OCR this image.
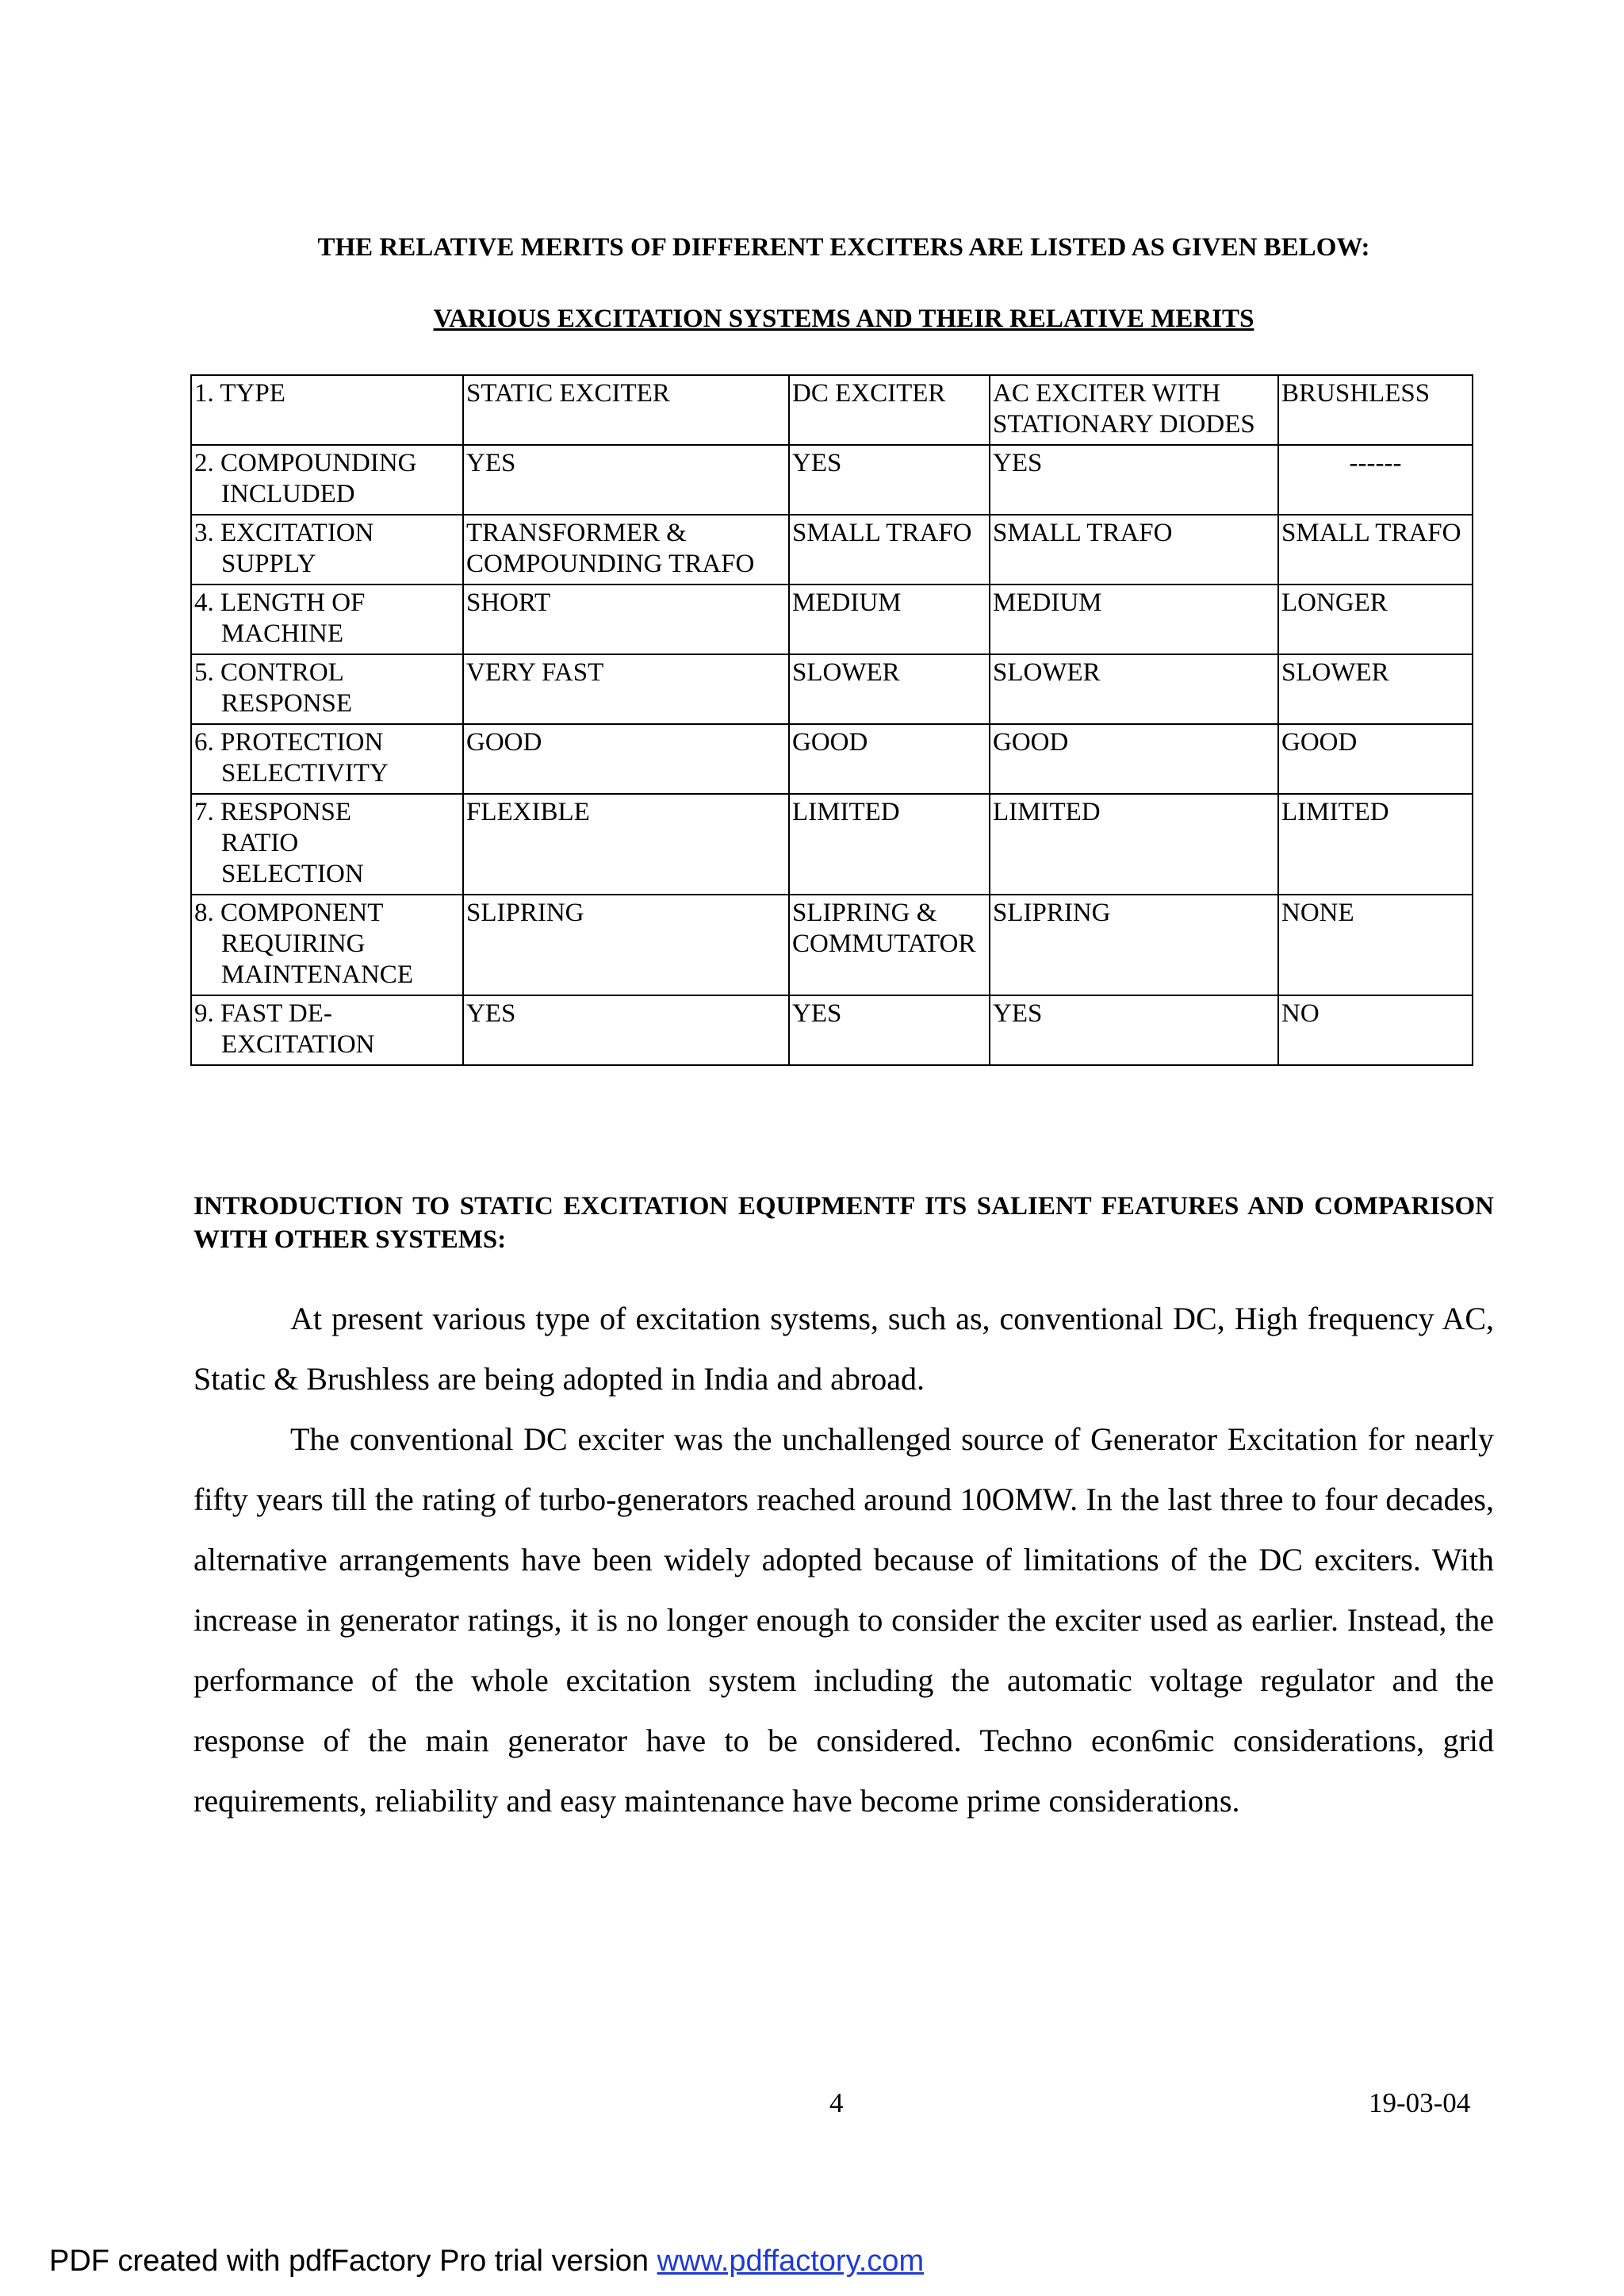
THE RELATIVE MERITS OF DIFFERENT EXCITERS ARE LISTED AS GIVEN BELOW:
VARIOUS EXCITATION SYSTEMS AND THEIR RELATIVE MERITS
1. TYPE	STATIC EXCITER	DC EXCITER	AC EXCITER WITH STATIONARY DIODES	BRUSHLESS

2. COMPOUNDING
INCLUDED	YES	YES	YES	------

3. EXCITATION
SUPPLY	TRANSFORMER & COMPOUNDING TRAFO	SMALL TRAFO	SMALL TRAFO	SMALL TRAFO

4. LENGTH OF
MACHINE	SHORT	MEDIUM	MEDIUM	LONGER

5. CONTROL
RESPONSE	VERY FAST	SLOWER	SLOWER	SLOWER

6. PROTECTION
SELECTIVITY	GOOD	GOOD	GOOD	GOOD

7. RESPONSE
RATIO
SELECTION	FLEXIBLE	LIMITED	LIMITED	LIMITED

8. COMPONENT
REQUIRING
MAINTENANCE	SLIPRING	SLIPRING & COMMUTATOR	SLIPRING	NONE

9. FAST DE-
EXCITATION	YES	YES	YES	NO
INTRODUCTION TO STATIC EXCITATION EQUIPMENTF ITS SALIENT FEATURES AND COMPARISON WITH OTHER SYSTEMS:

At present various type of excitation systems, such as, conventional DC, High frequency AC, Static & Brushless are being adopted in India and abroad.

The conventional DC exciter was the unchallenged source of Generator Excitation for nearly fifty years till the rating of turbo-generators reached around 10OMW. In the last three to four decades, alternative arrangements have been widely adopted because of limitations of the DC exciters. With increase in generator ratings, it is no longer enough to consider the exciter used as earlier. Instead, the performance of the whole excitation system including the automatic voltage regulator and the response of the main generator have to be considered. Techno econ6mic considerations, grid requirements, reliability and easy maintenance have become prime considerations.

4	19-03-04
PDF created with pdfFactory Pro trial version www.pdffactory.com
